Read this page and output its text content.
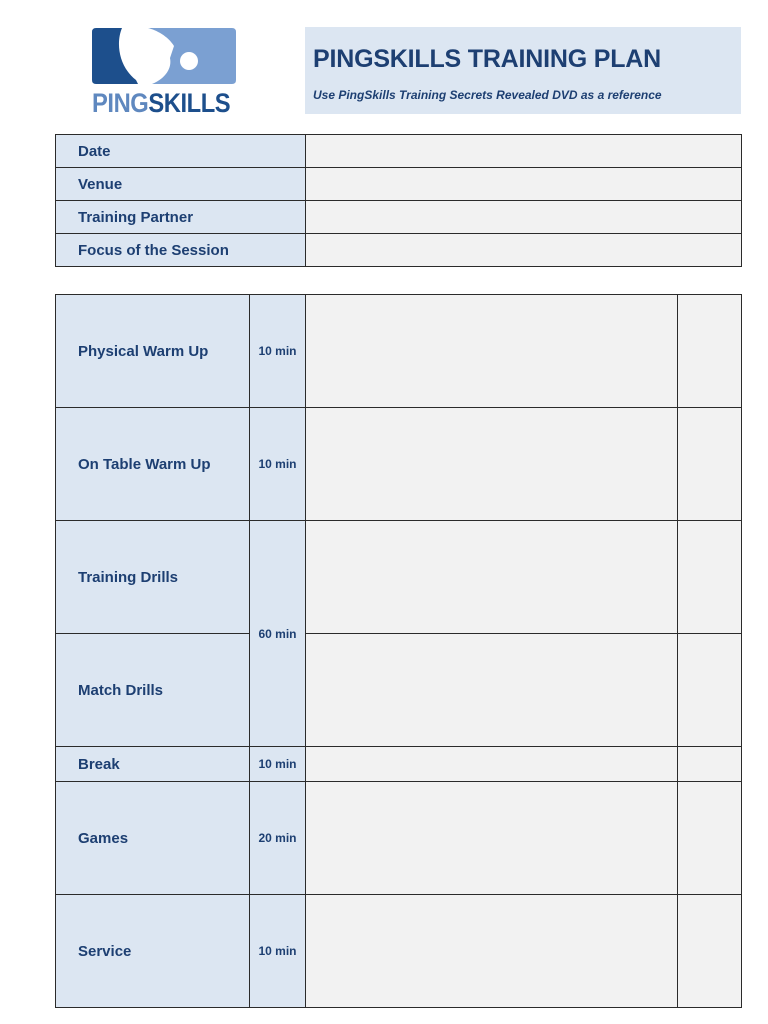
PINGSKILLS
PINGSKILLS TRAINING PLAN
Use PingSkills Training Secrets Revealed DVD as a reference
Date	
Venue	
Training Partner	
Focus of the Session	
Physical Warm Up	10 min		
On Table Warm Up	10 min		
Training Drills	60 min		
Match Drills			
Break	10 min		
Games	20 min		
Service	10 min		
